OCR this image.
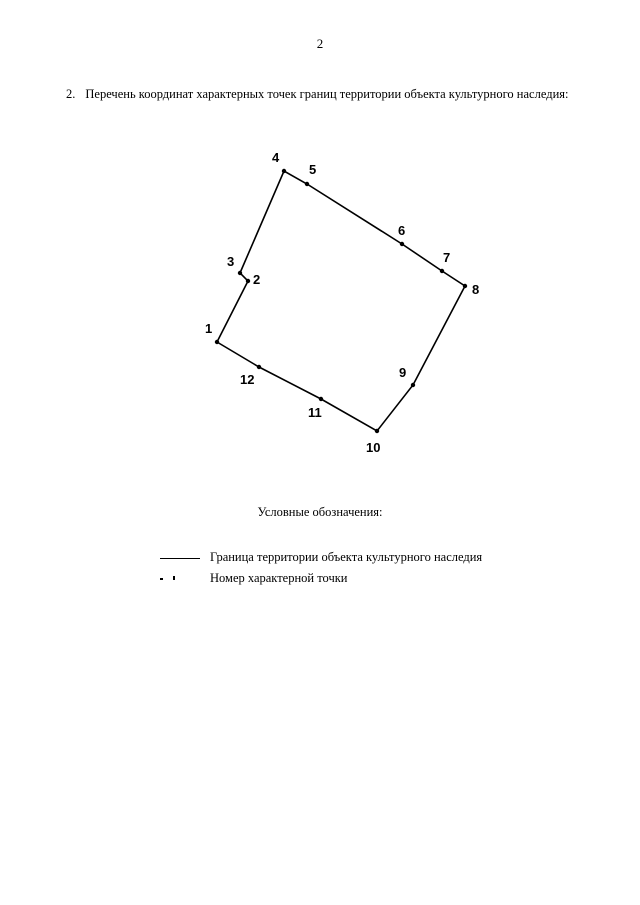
2
2. Перечень координат характерных точек границ территории объекта культурного наследия:
1
2
3
4
5
6
7
8
9
10
11
12
Условные обозначения:
Граница территории объекта культурного наследия
Номер характерной точки
